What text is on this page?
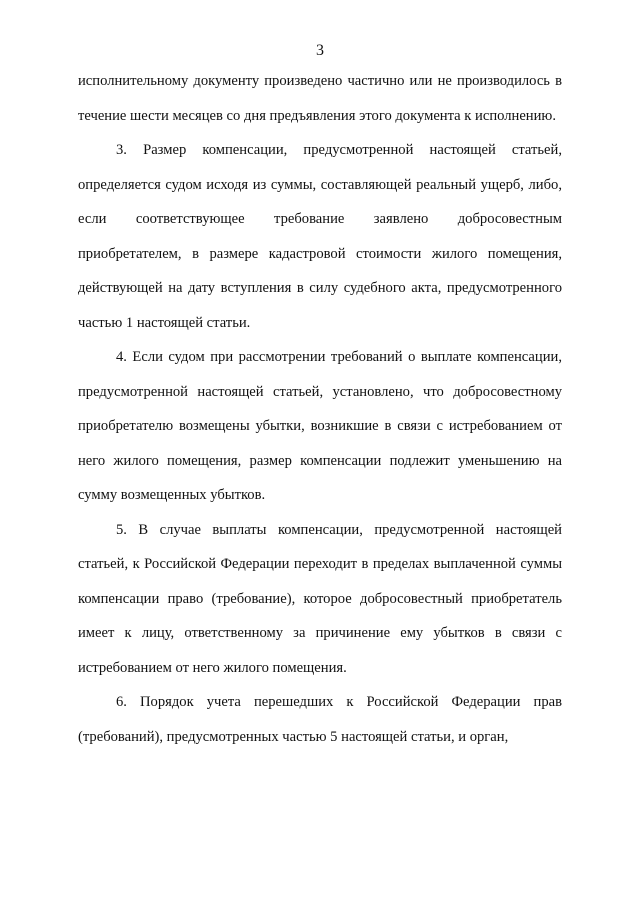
3

исполнительному документу произведено частично или не производилось в течение шести месяцев со дня предъявления этого документа к исполнению.

3. Размер компенсации, предусмотренной настоящей статьей, определяется судом исходя из суммы, составляющей реальный ущерб, либо, если соответствующее требование заявлено добросовестным приобретателем, в размере кадастровой стоимости жилого помещения, действующей на дату вступления в силу судебного акта, предусмотренного частью 1 настоящей статьи.

4. Если судом при рассмотрении требований о выплате компенсации, предусмотренной настоящей статьей, установлено, что добросовестному приобретателю возмещены убытки, возникшие в связи с истребованием от него жилого помещения, размер компенсации подлежит уменьшению на сумму возмещенных убытков.

5. В случае выплаты компенсации, предусмотренной настоящей статьей, к Российской Федерации переходит в пределах выплаченной суммы компенсации право (требование), которое добросовестный приобретатель имеет к лицу, ответственному за причинение ему убытков в связи с истребованием от него жилого помещения.

6. Порядок учета перешедших к Российской Федерации прав (требований), предусмотренных частью 5 настоящей статьи, и орган,
